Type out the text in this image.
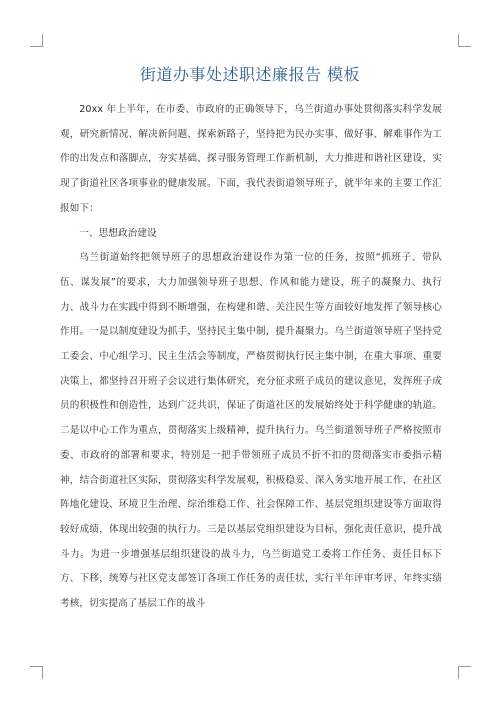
街道办事处述职述廉报告 模板

20xx 年上半年，在市委、市政府的正确领导下，乌兰街道办事处贯彻落实科学发展观，研究新情况、解决新问题、探索新路子，坚持把为民办实事、做好事、解难事作为工作的出发点和落脚点，夯实基础、探寻服务管理工作新机制，大力推进和谐社区建设，实现了街道社区各项事业的健康发展。下面，我代表街道领导班子，就半年来的主要工作汇报如下：

一、思想政治建设

乌兰街道始终把领导班子的思想政治建设作为第一位的任务，按照“抓班子、带队伍、谋发展”的要求，大力加强领导班子思想、作风和能力建设，班子的凝聚力、执行力、战斗力在实践中得到不断增强，在构建和谐、关注民生等方面较好地发挥了领导核心作用。一是以制度建设为抓手，坚持民主集中制，提升凝聚力。乌兰街道领导班子坚持党工委会、中心组学习、民主生活会等制度，严格贯彻执行民主集中制，在重大事项、重要决策上，都坚持召开班子会议进行集体研究，充分征求班子成员的建议意见，发挥班子成员的积极性和创造性，达到广泛共识，保证了街道社区的发展始终处于科学健康的轨道。二是以中心工作为重点，贯彻落实上级精神，提升执行力。乌兰街道领导班子严格按照市委、市政府的部署和要求，特别是一把手带领班子成员不折不扣的贯彻落实市委指示精神，结合街道社区实际，贯彻落实科学发展观，积极稳妥、深入务实地开展工作，在社区阵地化建设、环境卫生治理、综治维稳工作、社会保障工作、基层党组织建设等方面取得较好成绩，体现出较强的执行力。三是以基层党组织建设为目标，强化责任意识，提升战斗力。为进一步增强基层组织建设的战斗力，乌兰街道党工委将工作任务、责任目标下方、下移，统筹与社区党支部签订各项工作任务的责任状，实行半年评审考评、年终实绩考核，切实提高了基层工作的战斗
